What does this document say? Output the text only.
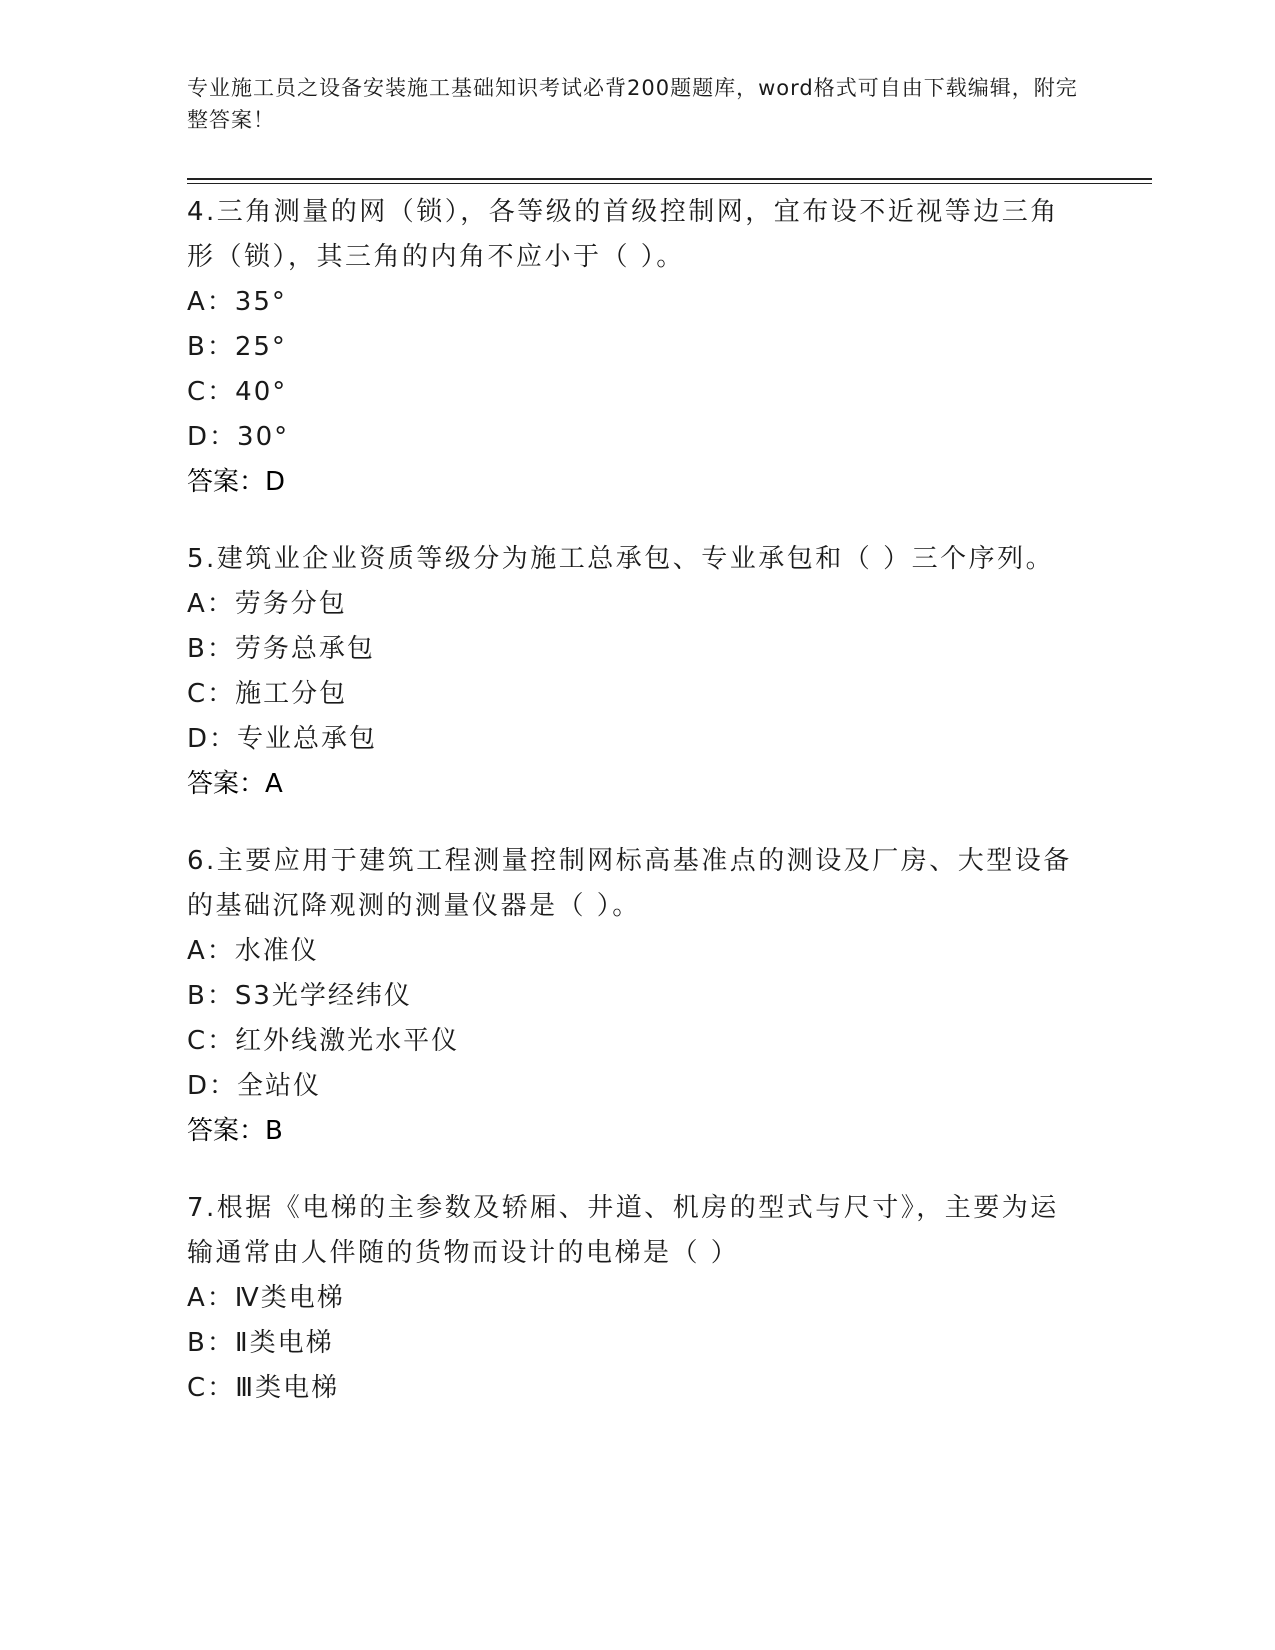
专业施工员之设备安装施工基础知识考试必背200题题库，word格式可自由下载编辑，附完整答案！

4.三角测量的网（锁），各等级的首级控制网，宜布设不近视等边三角形（锁），其三角的内角不应小于（ ）。

A：35°

B：25°

C：40°

D：30°

答案：D

5.建筑业企业资质等级分为施工总承包、专业承包和（ ）三个序列。

A：劳务分包

B：劳务总承包

C：施工分包

D：专业总承包

答案：A

6.主要应用于建筑工程测量控制网标高基准点的测设及厂房、大型设备的基础沉降观测的测量仪器是（ ）。

A：水准仪

B：S3光学经纬仪

C：红外线激光水平仪

D：全站仪

答案：B

7.根据《电梯的主参数及轿厢、井道、机房的型式与尺寸》，主要为运输通常由人伴随的货物而设计的电梯是（ ）

A：Ⅳ类电梯

B：Ⅱ类电梯

C：Ⅲ类电梯
